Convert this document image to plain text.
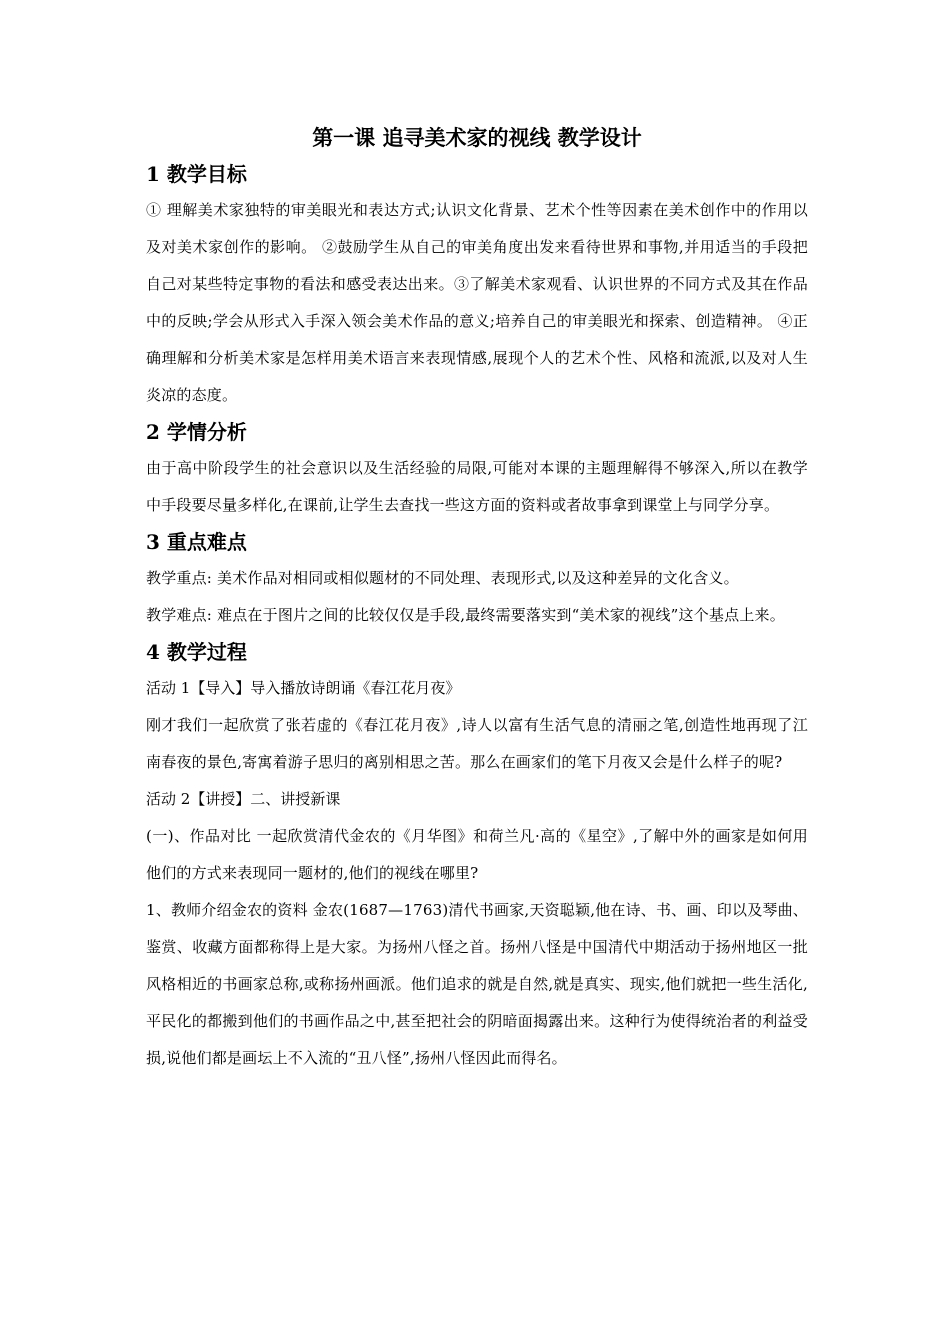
第一课 追寻美术家的视线 教学设计
1 教学目标

① 理解美术家独特的审美眼光和表达方式;认识文化背景、艺术个性等因素在美术创作中的作用以及对美术家创作的影响。 ②鼓励学生从自己的审美角度出发来看待世界和事物,并用适当的手段把自己对某些特定事物的看法和感受表达出来。③了解美术家观看、认识世界的不同方式及其在作品中的反映;学会从形式入手深入领会美术作品的意义;培养自己的审美眼光和探索、创造精神。 ④正确理解和分析美术家是怎样用美术语言来表现情感,展现个人的艺术个性、风格和流派,以及对人生炎凉的态度。

2 学情分析

由于高中阶段学生的社会意识以及生活经验的局限,可能对本课的主题理解得不够深入,所以在教学中手段要尽量多样化,在课前,让学生去查找一些这方面的资料或者故事拿到课堂上与同学分享。

3 重点难点

教学重点: 美术作品对相同或相似题材的不同处理、表现形式,以及这种差异的文化含义。

教学难点: 难点在于图片之间的比较仅仅是手段,最终需要落实到“美术家的视线”这个基点上来。

4 教学过程

活动 1【导入】导入播放诗朗诵《春江花月夜》

刚才我们一起欣赏了张若虚的《春江花月夜》,诗人以富有生活气息的清丽之笔,创造性地再现了江南春夜的景色,寄寓着游子思归的离别相思之苦。那么在画家们的笔下月夜又会是什么样子的呢?

活动 2【讲授】二、讲授新课

(一)、作品对比 一起欣赏清代金农的《月华图》和荷兰凡·高的《星空》,了解中外的画家是如何用他们的方式来表现同一题材的,他们的视线在哪里?

1、教师介绍金农的资料 金农(1687—1763)清代书画家,天资聪颖,他在诗、书、画、印以及琴曲、鉴赏、收藏方面都称得上是大家。为扬州八怪之首。扬州八怪是中国清代中期活动于扬州地区一批风格相近的书画家总称,或称扬州画派。他们追求的就是自然,就是真实、现实,他们就把一些生活化,平民化的都搬到他们的书画作品之中,甚至把社会的阴暗面揭露出来。这种行为使得统治者的利益受损,说他们都是画坛上不入流的“丑八怪”,扬州八怪因此而得名。
